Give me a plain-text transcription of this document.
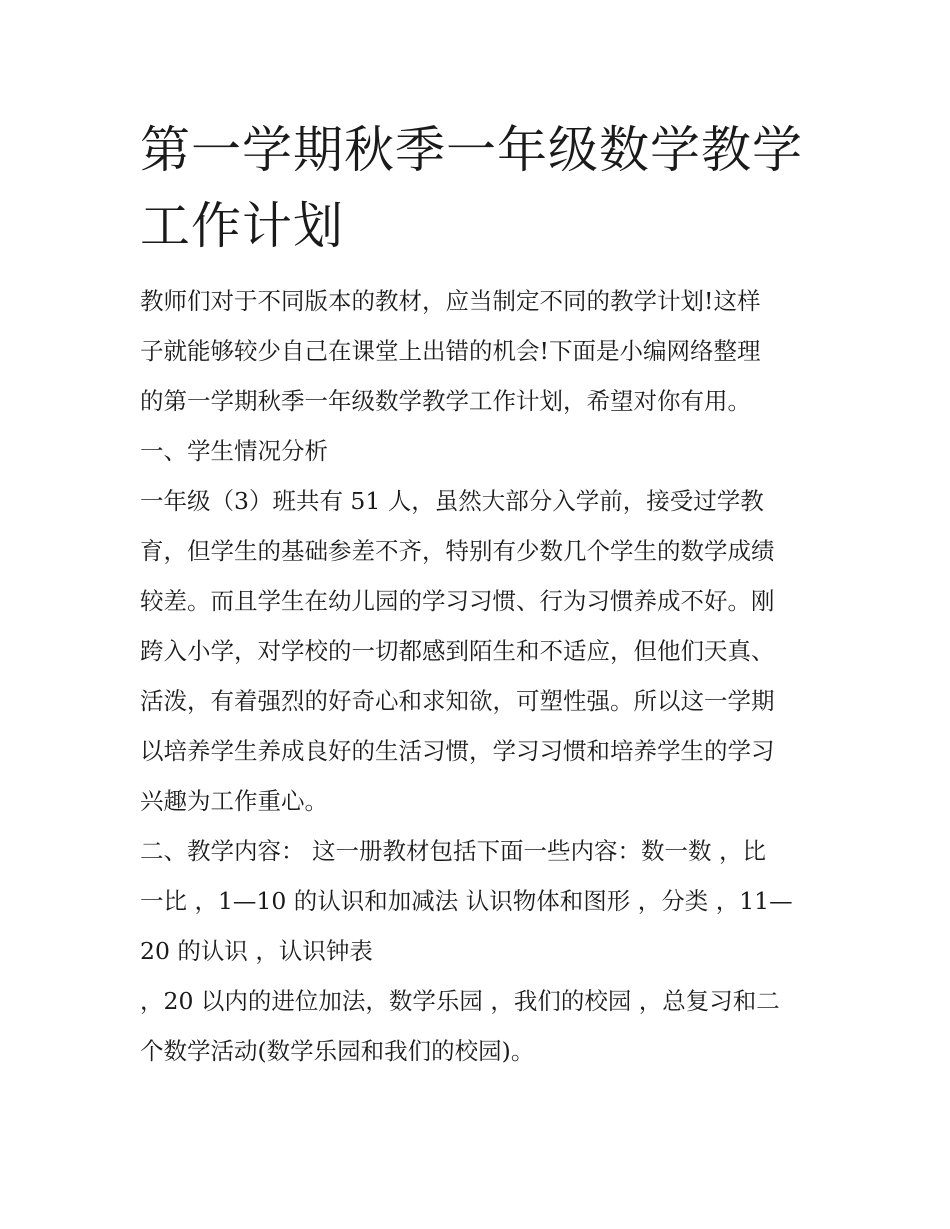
第一学期秋季一年级数学教学
工作计划

教师们对于不同版本的教材，应当制定不同的教学计划!这样

子就能够较少自己在课堂上出错的机会!下面是小编网络整理

的第一学期秋季一年级数学教学工作计划，希望对你有用。

一、学生情况分析

一年级（3）班共有 51 人，虽然大部分入学前，接受过学教

育，但学生的基础参差不齐，特别有少数几个学生的数学成绩

较差。而且学生在幼儿园的学习习惯、行为习惯养成不好。刚

跨入小学，对学校的一切都感到陌生和不适应，但他们天真、

活泼，有着强烈的好奇心和求知欲，可塑性强。所以这一学期

以培养学生养成良好的生活习惯，学习习惯和培养学生的学习

兴趣为工作重心。

二、教学内容： 这一册教材包括下面一些内容：数一数 ，比

一比 ，1—10 的认识和加减法 认识物体和图形 ，分类 ，11—

20 的认识 ，认识钟表

，20 以内的进位加法，数学乐园 ，我们的校园 ，总复习和二

个数学活动(数学乐园和我们的校园)。
